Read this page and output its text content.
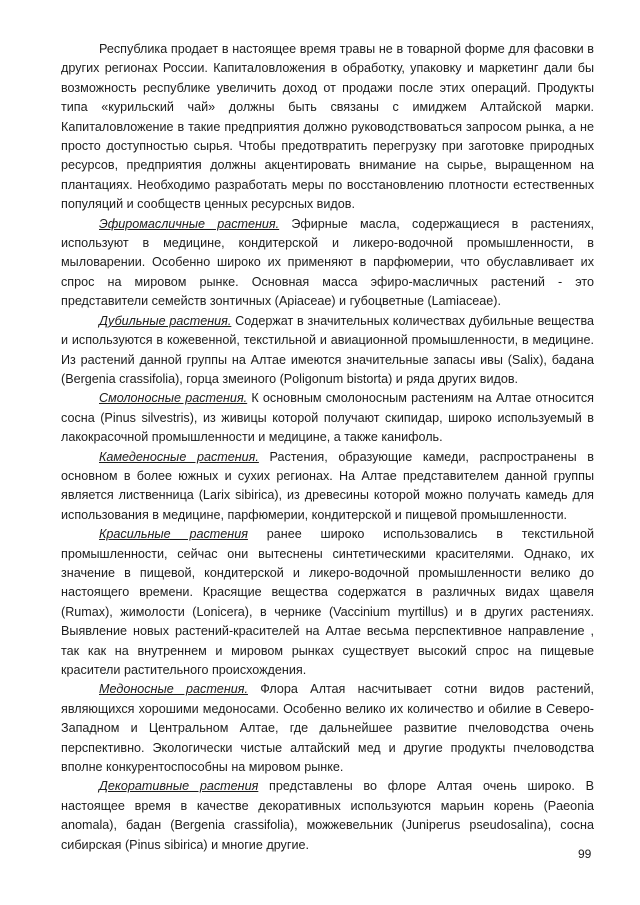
Республика продает в настоящее время травы не в товарной форме для фасовки в других регионах России. Капиталовложения в обработку, упаковку и маркетинг дали бы возможность республике увеличить доход от продажи после этих операций. Продукты типа «курильский чай» должны быть связаны с имиджем Алтайской марки. Капиталовложение в такие предприятия должно руководствоваться запросом рынка, а не просто доступностью сырья. Чтобы предотвратить перегрузку при заготовке природных ресурсов, предприятия должны акцентировать внимание на сырье, выращенном на плантациях. Необходимо разработать меры по восстановлению плотности естественных популяций и сообществ ценных ресурсных видов.

Эфиромасличные растения. Эфирные масла, содержащиеся в растениях, используют в медицине, кондитерской и ликеро-водочной промышленности, в мыловарении. Особенно широко их применяют в парфюмерии, что обуславливает их спрос на мировом рынке. Основная масса эфиро-масличных растений - это представители семейств зонтичных (Apiaceae) и губоцветные (Lamiaceae).

Дубильные растения. Содержат в значительных количествах дубильные вещества и используются в кожевенной, текстильной и авиационной промышленности, в медицине. Из растений данной группы на Алтае имеются значительные запасы ивы (Salix), бадана (Bergenia crassifolia), горца змеиного (Poligonum bistorta) и ряда других видов.

Смолоносные растения. К основным смолоносным растениям на Алтае относится сосна (Pinus silvestris), из живицы которой получают скипидар, широко используемый в лакокрасочной промышленности и медицине, а также канифоль.

Камеденосные растения. Растения, образующие камеди, распространены в основном в более южных и сухих регионах. На Алтае представителем данной группы является лиственница (Larix sibirica), из древесины которой можно получать камедь для использования в медицине, парфюмерии, кондитерской и пищевой промышленности.

Красильные растения ранее широко использовались в текстильной промышленности, сейчас они вытеснены синтетическими красителями. Однако, их значение в пищевой, кондитерской и ликеро-водочной промышленности велико до настоящего времени. Красящие вещества содержатся в различных видах щавеля (Rumax), жимолости (Lonicera), в чернике (Vaccinium myrtillus) и в других растениях. Выявление новых растений-красителей на Алтае весьма перспективное направление , так как на внутреннем и мировом рынках существует высокий спрос на пищевые красители растительного происхождения.

Медоносные растения. Флора Алтая насчитывает сотни видов растений, являющихся хорошими медоносами. Особенно велико их количество и обилие в Северо-Западном и Центральном Алтае, где дальнейшее развитие пчеловодства очень перспективно. Экологически чистые алтайский мед и другие продукты пчеловодства вполне конкурентоспособны на мировом рынке.

Декоративные растения представлены во флоре Алтая очень широко. В настоящее время в качестве декоративных используются марьин корень (Paeonia anomala), бадан (Bergenia crassifolia), можжевельник (Juniperus pseudosalina), сосна сибирская (Pinus sibirica) и многие другие.

99
